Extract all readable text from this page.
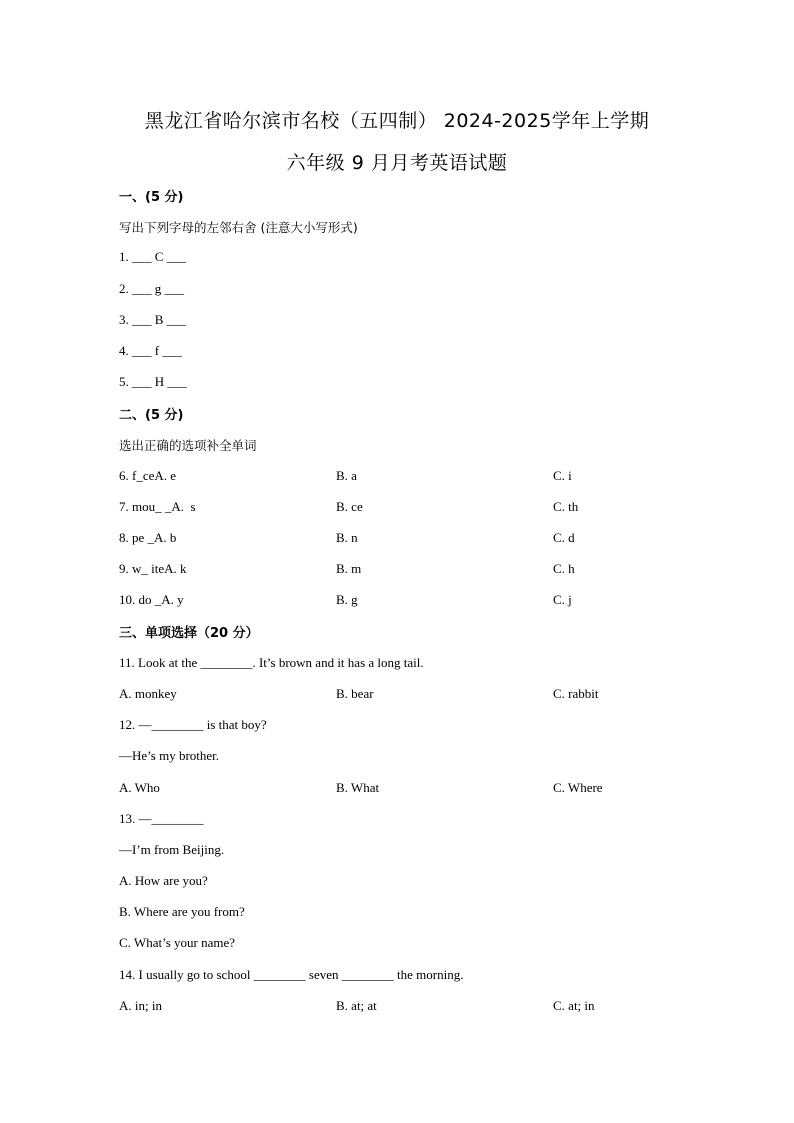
黑龙江省哈尔滨市名校（五四制） 2024-2025学年上学期
六年级 9 月月考英语试题
一、(5 分)
写出下列字母的左邻右舍 (注意大小写形式)
1. ___ C ___
2. ___ g ___
3. ___ B ___
4. ___ f ___
5. ___ H ___
二、(5 分)
选出正确的选项补全单词
6. f_ceA. e	B. a	C. i
7. mou_ _A.  s	B. ce	C. th
8. pe _A. b	B. n	C. d
9. w_ iteA. k	B. m	C. h
10. do _A. y	B. g	C. j
三、单项选择（20 分）
11. Look at the ________. It’s brown and it has a long tail.
A. monkey	B. bear	C. rabbit
12. —________ is that boy?
—He’s my brother.
A. Who	B. What	C. Where
13. —________
—I’m from Beijing.
A. How are you?
B. Where are you from?
C. What’s your name?
14. I usually go to school ________ seven ________ the morning.
A. in; in	B. at; at	C. at; in
